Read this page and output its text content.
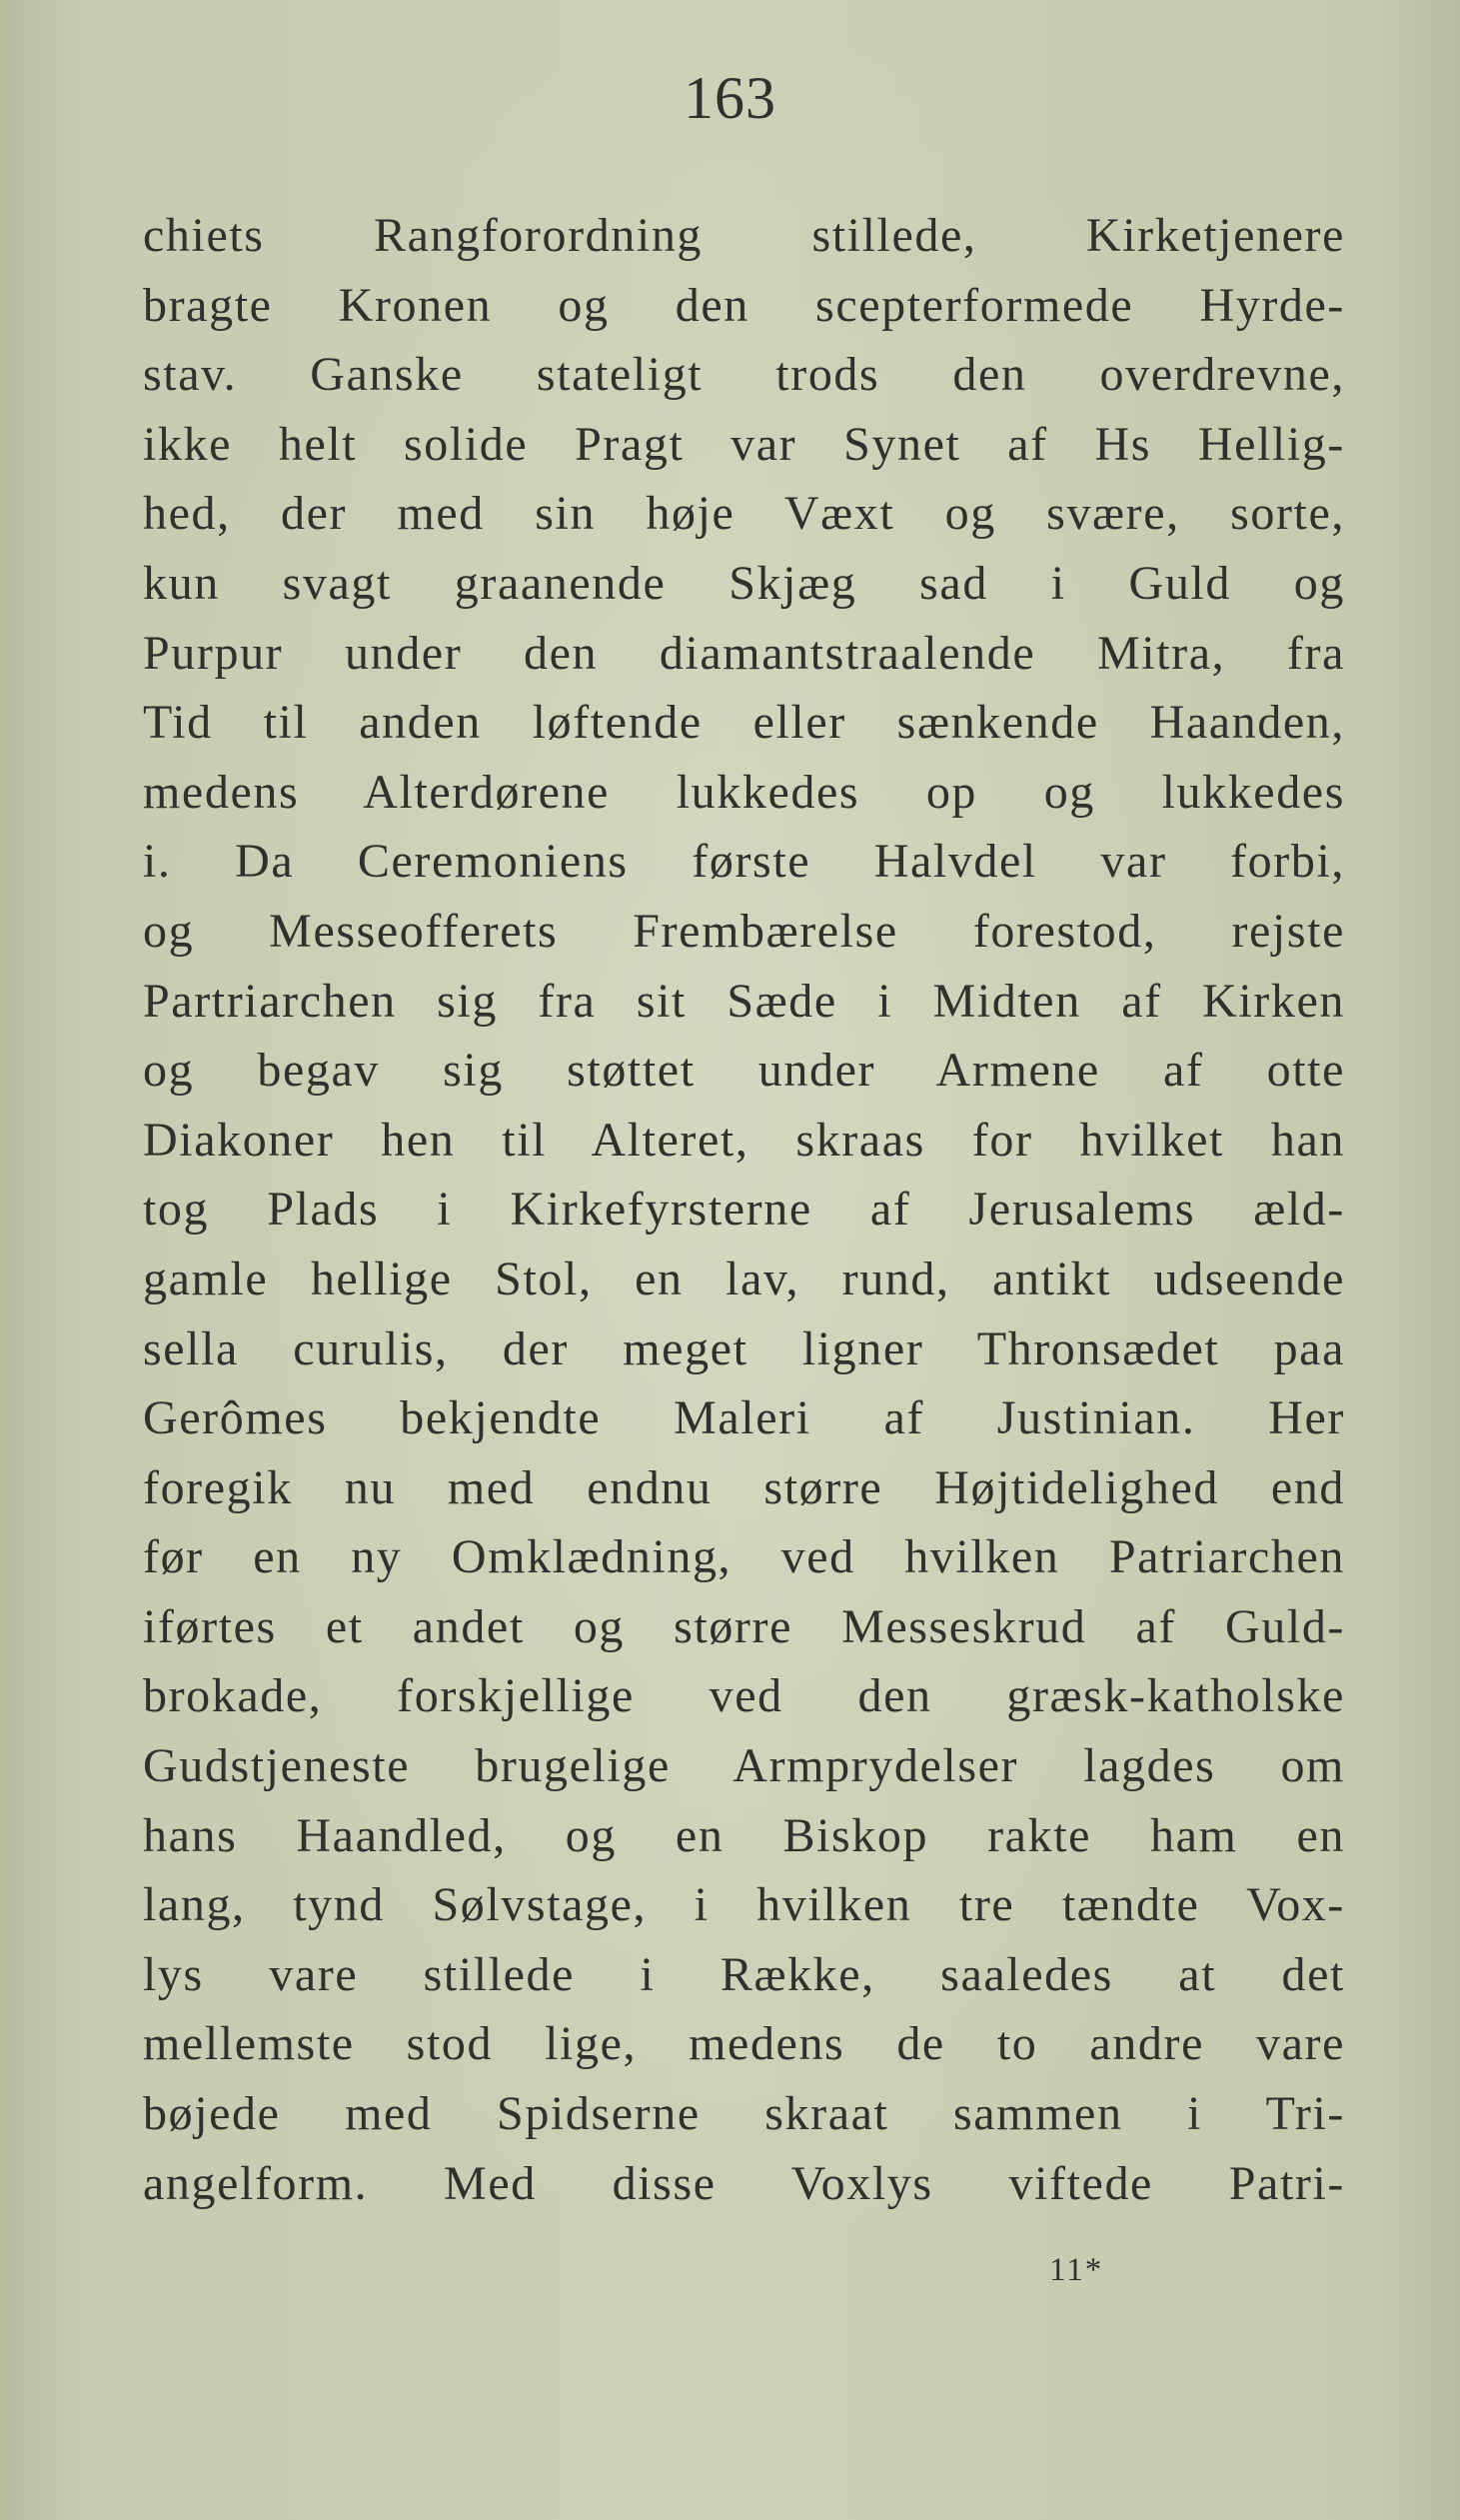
163

chiets Rangforordning stillede, Kirketjenere
bragte Kronen og den scepterformede Hyrde-
stav. Ganske stateligt trods den overdrevne,
ikke helt solide Pragt var Synet af Hs Hellig-
hed, der med sin høje Væxt og svære, sorte,
kun svagt graanende Skjæg sad i Guld og
Purpur under den diamantstraalende Mitra, fra
Tid til anden løftende eller sænkende Haanden,
medens Alterdørene lukkedes op og lukkedes
i. Da Ceremoniens første Halvdel var forbi,
og Messeofferets Frembærelse forestod, rejste
Partriarchen sig fra sit Sæde i Midten af Kirken
og begav sig støttet under Armene af otte
Diakoner hen til Alteret, skraas for hvilket han
tog Plads i Kirkefyrsterne af Jerusalems æld-
gamle hellige Stol, en lav, rund, antikt udseende
sella curulis, der meget ligner Thronsædet paa
Gerômes bekjendte Maleri af Justinian. Her
foregik nu med endnu større Højtidelighed end
før en ny Omklædning, ved hvilken Patriarchen
iførtes et andet og større Messeskrud af Guld-
brokade, forskjellige ved den græsk-katholske
Gudstjeneste brugelige Armprydelser lagdes om
hans Haandled, og en Biskop rakte ham en
lang, tynd Sølvstage, i hvilken tre tændte Vox-
lys vare stillede i Række, saaledes at det
mellemste stod lige, medens de to andre vare
bøjede med Spidserne skraat sammen i Tri-
angelform. Med disse Voxlys viftede Patri-
11*
